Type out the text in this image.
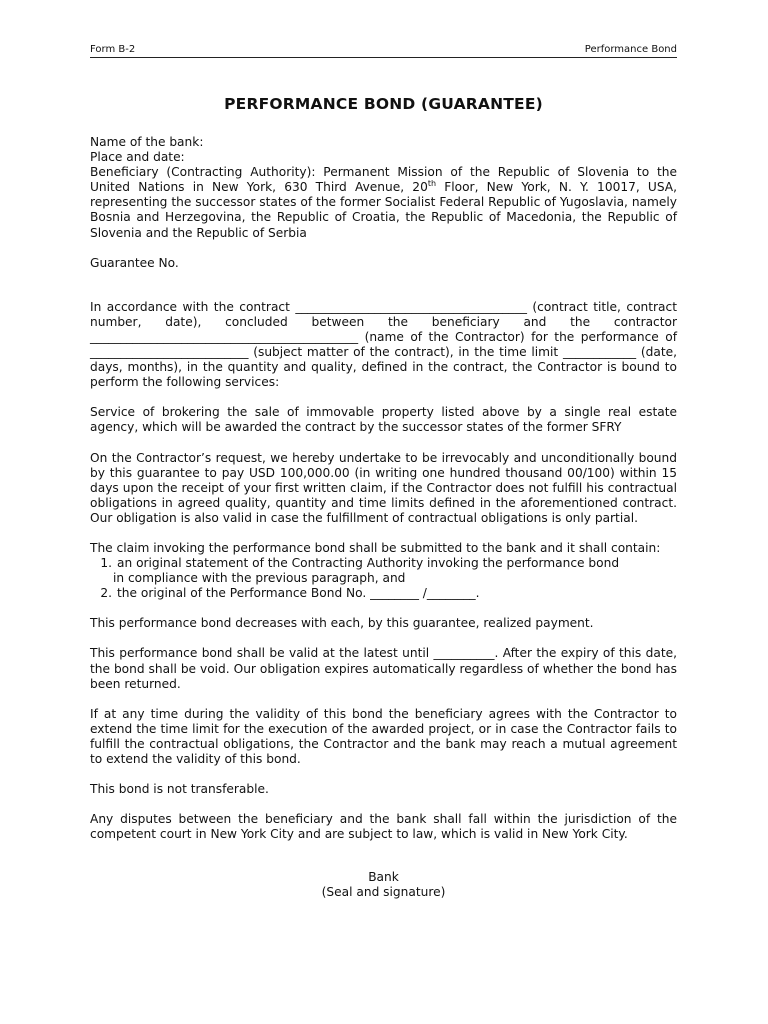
Form B-2	Performance Bond
PERFORMANCE BOND (GUARANTEE)

Name of the bank:

Place and date:

Beneficiary (Contracting Authority): Permanent Mission of the Republic of Slovenia to the United Nations in New York, 630 Third Avenue, 20th Floor, New York, N. Y. 10017, USA, representing the successor states of the former Socialist Federal Republic of Yugoslavia, namely Bosnia and Herzegovina, the Republic of Croatia, the Republic of Macedonia, the Republic of Slovenia and the Republic of Serbia

Guarantee No.

In accordance with the contract ______________________________________ (contract title, contract number, date), concluded between the beneficiary and the contractor ____________________________________________ (name of the Contractor) for the performance of __________________________ (subject matter of the contract), in the time limit ____________ (date, days, months), in the quantity and quality, defined in the contract, the Contractor is bound to perform the following services:

Service of brokering the sale of immovable property listed above by a single real estate agency, which will be awarded the contract by the successor states of the former SFRY

On the Contractor’s request, we hereby undertake to be irrevocably and unconditionally bound by this guarantee to pay USD 100,000.00 (in writing one hundred thousand 00/100) within 15 days upon the receipt of your first written claim, if the Contractor does not fulfill his contractual obligations in agreed quality, quantity and time limits defined in the aforementioned contract. Our obligation is also valid in case the fulfillment of contractual obligations is only partial.

The claim invoking the performance bond shall be submitted to the bank and it shall contain:

1. an original statement of the Contracting Authority invoking the performance bond
in compliance with the previous paragraph, and
2. the original of the Performance Bond No. ________ /________.

This performance bond decreases with each, by this guarantee, realized payment.

This performance bond shall be valid at the latest until __________. After the expiry of this date, the bond shall be void. Our obligation expires automatically regardless of whether the bond has been returned.

If at any time during the validity of this bond the beneficiary agrees with the Contractor to extend the time limit for the execution of the awarded project, or in case the Contractor fails to fulfill the contractual obligations, the Contractor and the bank may reach a mutual agreement to extend the validity of this bond.

This bond is not transferable.

Any disputes between the beneficiary and the bank shall fall within the jurisdiction of the competent court in New York City and are subject to law, which is valid in New York City.

Bank
(Seal and signature)
